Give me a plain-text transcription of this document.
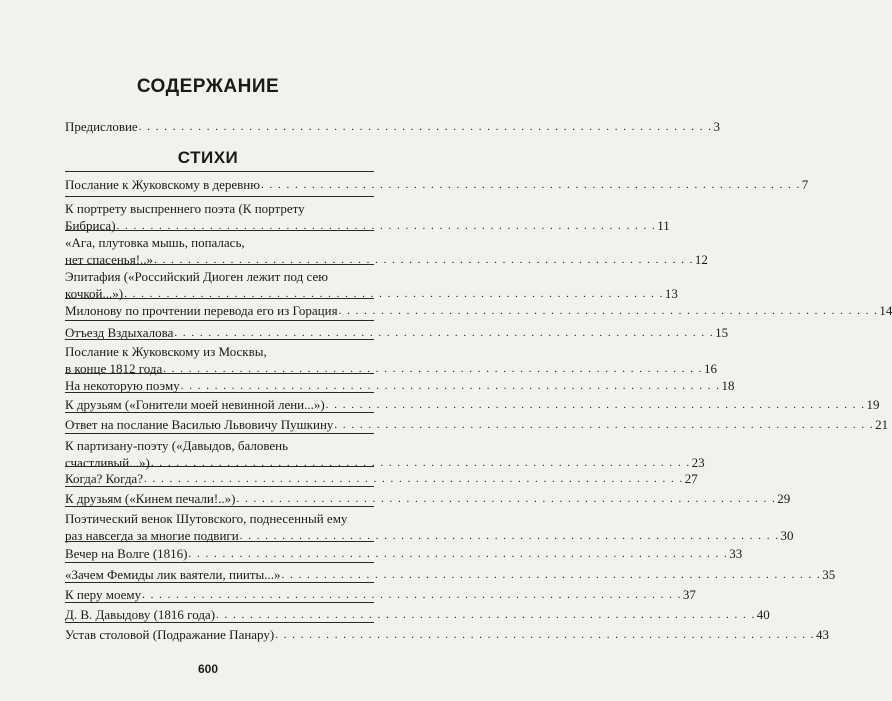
СОДЕРЖАНИЕ
Предисловие . . . . . . . . . . . . . . . . . . . . . . . . . . . . . . . . . . . . . . . . . . . . . . . . . . . . . . . . . . . . . . . . . . . . 3
СТИХИ
Послание к Жуковскому в деревню . . . . . . . . . . . . . . . . . . . . . . . . . . . . . . . . . . . . . . . . . . . . . . . . . . . . . . . . . . . . . . . . 7
К портрету выспреннего поэта (К портрету
Бибриса) . . . . . . . . . . . . . . . . . . . . . . . . . . . . . . . . . . . . . . . . . . . . . . . . . . . . . . . . . . . . . . . . 11
«Ага, плутовка мышь, попалась,
нет спасенья!..» . . . . . . . . . . . . . . . . . . . . . . . . . . . . . . . . . . . . . . . . . . . . . . . . . . . . . . . . . . . . . . . . 12
Эпитафия («Российский Диоген лежит под сею
кочкой...») . . . . . . . . . . . . . . . . . . . . . . . . . . . . . . . . . . . . . . . . . . . . . . . . . . . . . . . . . . . . . . . . 13
Милонову по прочтении перевода его из Горация . . . . . . . . . . . . . . . . . . . . . . . . . . . . . . . . . . . . . . . . . . . . . . . . . . . . . . . . . . . . . . . . 14
Отъезд Вздыхалова . . . . . . . . . . . . . . . . . . . . . . . . . . . . . . . . . . . . . . . . . . . . . . . . . . . . . . . . . . . . . . . . 15
Послание к Жуковскому из Москвы,
в конце 1812 года . . . . . . . . . . . . . . . . . . . . . . . . . . . . . . . . . . . . . . . . . . . . . . . . . . . . . . . . . . . . . . . . 16
На некоторую поэму . . . . . . . . . . . . . . . . . . . . . . . . . . . . . . . . . . . . . . . . . . . . . . . . . . . . . . . . . . . . . . . . 18
К друзьям («Гонители моей невинной лени...») . . . . . . . . . . . . . . . . . . . . . . . . . . . . . . . . . . . . . . . . . . . . . . . . . . . . . . . . . . . . . . . . 19
Ответ на послание Василью Львовичу Пушкину . . . . . . . . . . . . . . . . . . . . . . . . . . . . . . . . . . . . . . . . . . . . . . . . . . . . . . . . . . . . . . . . 21
К партизану-поэту («Давыдов, баловень
счастливый...») . . . . . . . . . . . . . . . . . . . . . . . . . . . . . . . . . . . . . . . . . . . . . . . . . . . . . . . . . . . . . . . . 23
Когда? Когда? . . . . . . . . . . . . . . . . . . . . . . . . . . . . . . . . . . . . . . . . . . . . . . . . . . . . . . . . . . . . . . . . 27
К друзьям («Кинем печали!..») . . . . . . . . . . . . . . . . . . . . . . . . . . . . . . . . . . . . . . . . . . . . . . . . . . . . . . . . . . . . . . . . 29
Поэтический венок Шутовского, поднесенный ему
раз навсегда за многие подвиги . . . . . . . . . . . . . . . . . . . . . . . . . . . . . . . . . . . . . . . . . . . . . . . . . . . . . . . . . . . . . . . . 30
Вечер на Волге (1816) . . . . . . . . . . . . . . . . . . . . . . . . . . . . . . . . . . . . . . . . . . . . . . . . . . . . . . . . . . . . . . . . 33
«Зачем Фемиды лик ваятели, пииты...» . . . . . . . . . . . . . . . . . . . . . . . . . . . . . . . . . . . . . . . . . . . . . . . . . . . . . . . . . . . . . . . . 35
К перу моему . . . . . . . . . . . . . . . . . . . . . . . . . . . . . . . . . . . . . . . . . . . . . . . . . . . . . . . . . . . . . . . . 37
Д. В. Давыдову (1816 года) . . . . . . . . . . . . . . . . . . . . . . . . . . . . . . . . . . . . . . . . . . . . . . . . . . . . . . . . . . . . . . . . 40
Устав столовой (Подражание Панару) . . . . . . . . . . . . . . . . . . . . . . . . . . . . . . . . . . . . . . . . . . . . . . . . . . . . . . . . . . . . . . . . 43
600
